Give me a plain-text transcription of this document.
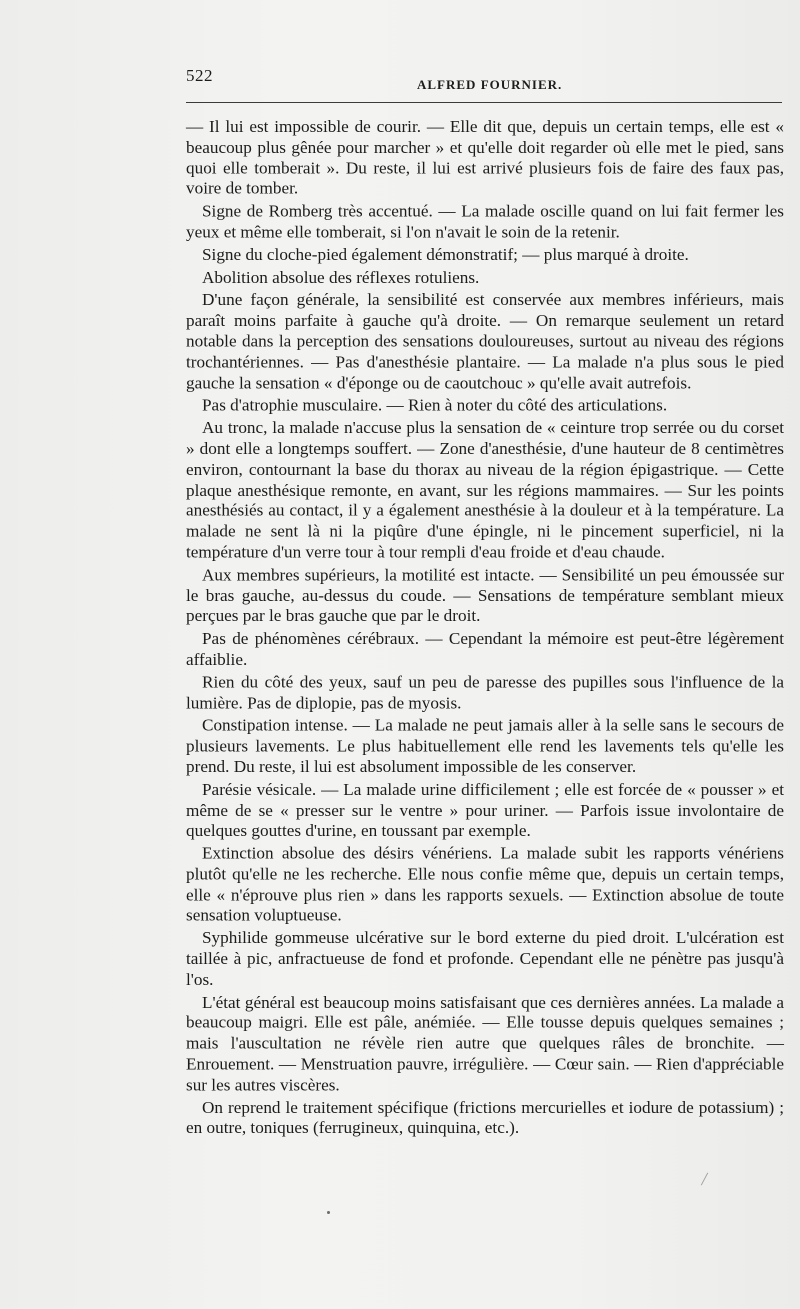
522	ALFRED FOURNIER.

— Il lui est impossible de courir. — Elle dit que, depuis un certain temps, elle est « beaucoup plus gênée pour marcher » et qu'elle doit regarder où elle met le pied, sans quoi elle tomberait ». Du reste, il lui est arrivé plusieurs fois de faire des faux pas, voire de tomber.

Signe de Romberg très accentué. — La malade oscille quand on lui fait fermer les yeux et même elle tomberait, si l'on n'avait le soin de la retenir.

Signe du cloche-pied également démonstratif; — plus marqué à droite.

Abolition absolue des réflexes rotuliens.

D'une façon générale, la sensibilité est conservée aux membres inférieurs, mais paraît moins parfaite à gauche qu'à droite. — On remarque seulement un retard notable dans la perception des sensations douloureuses, surtout au niveau des régions trochantériennes. — Pas d'anesthésie plantaire. — La malade n'a plus sous le pied gauche la sensation « d'éponge ou de caoutchouc » qu'elle avait autrefois.

Pas d'atrophie musculaire. — Rien à noter du côté des articulations.

Au tronc, la malade n'accuse plus la sensation de « ceinture trop serrée ou du corset » dont elle a longtemps souffert. — Zone d'anesthésie, d'une hauteur de 8 centimètres environ, contournant la base du thorax au niveau de la région épigastrique. — Cette plaque anesthésique remonte, en avant, sur les régions mammaires. — Sur les points anesthésiés au contact, il y a également anesthésie à la douleur et à la température. La malade ne sent là ni la piqûre d'une épingle, ni le pincement superficiel, ni la température d'un verre tour à tour rempli d'eau froide et d'eau chaude.

Aux membres supérieurs, la motilité est intacte. — Sensibilité un peu émoussée sur le bras gauche, au-dessus du coude. — Sensations de température semblant mieux perçues par le bras gauche que par le droit.

Pas de phénomènes cérébraux. — Cependant la mémoire est peut-être légèrement affaiblie.

Rien du côté des yeux, sauf un peu de paresse des pupilles sous l'influence de la lumière. Pas de diplopie, pas de myosis.

Constipation intense. — La malade ne peut jamais aller à la selle sans le secours de plusieurs lavements. Le plus habituellement elle rend les lavements tels qu'elle les prend. Du reste, il lui est absolument impossible de les conserver.

Parésie vésicale. — La malade urine difficilement ; elle est forcée de « pousser » et même de se « presser sur le ventre » pour uriner. — Parfois issue involontaire de quelques gouttes d'urine, en toussant par exemple.

Extinction absolue des désirs vénériens. La malade subit les rapports vénériens plutôt qu'elle ne les recherche. Elle nous confie même que, depuis un certain temps, elle « n'éprouve plus rien » dans les rapports sexuels. — Extinction absolue de toute sensation voluptueuse.

Syphilide gommeuse ulcérative sur le bord externe du pied droit. L'ulcération est taillée à pic, anfractueuse de fond et profonde. Cependant elle ne pénètre pas jusqu'à l'os.

L'état général est beaucoup moins satisfaisant que ces dernières années. La malade a beaucoup maigri. Elle est pâle, anémiée. — Elle tousse depuis quelques semaines ; mais l'auscultation ne révèle rien autre que quelques râles de bronchite. — Enrouement. — Menstruation pauvre, irrégulière. — Cœur sain. — Rien d'appréciable sur les autres viscères.

On reprend le traitement spécifique (frictions mercurielles et iodure de potassium) ; en outre, toniques (ferrugineux, quinquina, etc.).
